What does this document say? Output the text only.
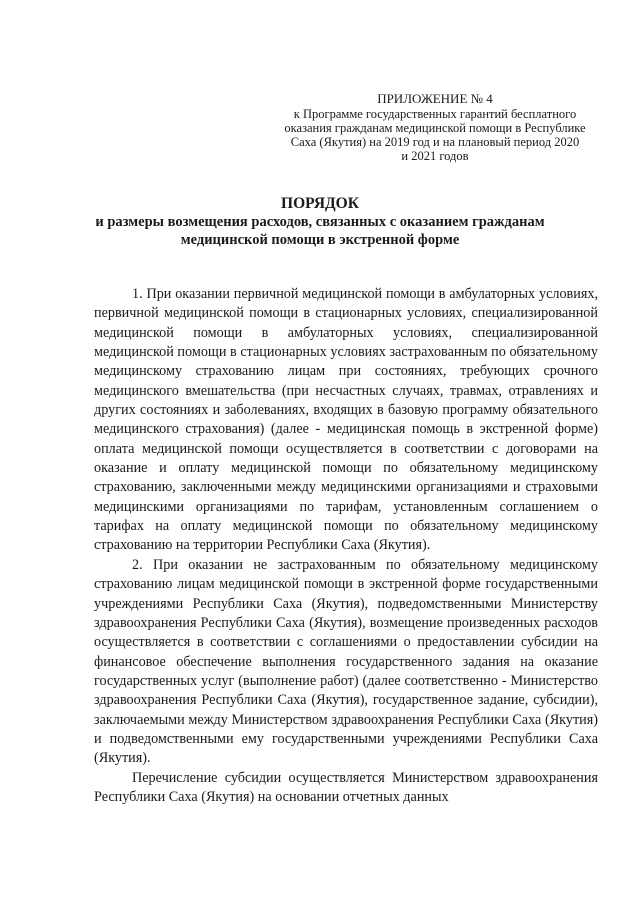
ПРИЛОЖЕНИЕ № 4
к Программе государственных гарантий бесплатного
оказания гражданам медицинской помощи в Республике
Саха (Якутия) на 2019 год и на плановый период 2020
и 2021 годов
ПОРЯДОК
и размеры возмещения расходов, связанных с оказанием гражданам
медицинской помощи в экстренной форме

1. При оказании первичной медицинской помощи в амбулаторных условиях, первичной медицинской помощи в стационарных условиях, специализированной медицинской помощи в амбулаторных условиях, специализированной медицинской помощи в стационарных условиях застрахованным по обязательному медицинскому страхованию лицам при состояниях, требующих срочного медицинского вмешательства (при несчастных случаях, травмах, отравлениях и других состояниях и заболеваниях, входящих в базовую программу обязательного медицинского страхования) (далее - медицинская помощь в экстренной форме) оплата медицинской помощи осуществляется в соответствии с договорами на оказание и оплату медицинской помощи по обязательному медицинскому страхованию, заключенными между медицинскими организациями и страховыми медицинскими организациями по тарифам, установленным соглашением о тарифах на оплату медицинской помощи по обязательному медицинскому страхованию на территории Республики Саха (Якутия).

2. При оказании не застрахованным по обязательному медицинскому страхованию лицам медицинской помощи в экстренной форме государственными учреждениями Республики Саха (Якутия), подведомственными Министерству здравоохранения Республики Саха (Якутия), возмещение произведенных расходов осуществляется в соответствии с соглашениями о предоставлении субсидии на финансовое обеспечение выполнения государственного задания на оказание государственных услуг (выполнение работ) (далее соответственно - Министерство здравоохранения Республики Саха (Якутия), государственное задание, субсидии), заключаемыми между Министерством здравоохранения Республики Саха (Якутия) и подведомственными ему государственными учреждениями Республики Саха (Якутия).

Перечисление субсидии осуществляется Министерством здравоохранения Республики Саха (Якутия) на основании отчетных данных
